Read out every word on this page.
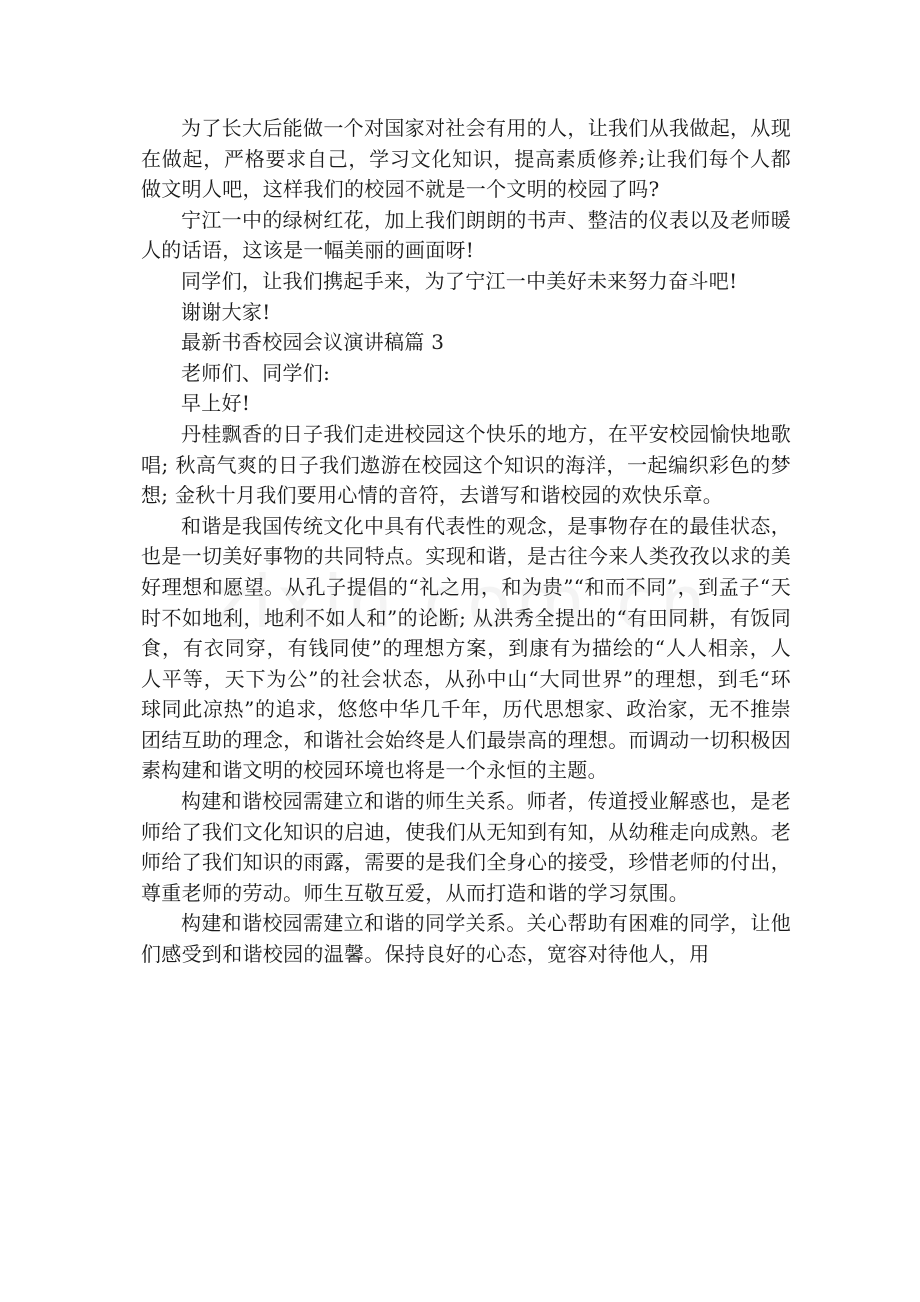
为了长大后能做一个对国家对社会有用的人，让我们从我做起，从现在做起，严格要求自己，学习文化知识，提高素质修养;让我们每个人都做文明人吧，这样我们的校园不就是一个文明的校园了吗?

宁江一中的绿树红花，加上我们朗朗的书声、整洁的仪表以及老师暖人的话语，这该是一幅美丽的画面呀!

同学们，让我们携起手来，为了宁江一中美好未来努力奋斗吧!

谢谢大家!

最新书香校园会议演讲稿篇 3

老师们、同学们:

早上好!

丹桂飘香的日子我们走进校园这个快乐的地方，在平安校园愉快地歌唱; 秋高气爽的日子我们遨游在校园这个知识的海洋，一起编织彩色的梦想; 金秋十月我们要用心情的音符，去谱写和谐校园的欢快乐章。

和谐是我国传统文化中具有代表性的观念，是事物存在的最佳状态，也是一切美好事物的共同特点。实现和谐，是古往今来人类孜孜以求的美好理想和愿望。从孔子提倡的“礼之用，和为贵”“和而不同”，到孟子“天时不如地利，地利不如人和”的论断; 从洪秀全提出的“有田同耕，有饭同食，有衣同穿，有钱同使”的理想方案，到康有为描绘的“人人相亲，人人平等，天下为公”的社会状态，从孙中山“大同世界”的理想，到毛“环球同此凉热”的追求，悠悠中华几千年，历代思想家、政治家，无不推崇团结互助的理念，和谐社会始终是人们最崇高的理想。而调动一切积极因素构建和谐文明的校园环境也将是一个永恒的主题。

构建和谐校园需建立和谐的师生关系。师者，传道授业解惑也，是老师给了我们文化知识的启迪，使我们从无知到有知，从幼稚走向成熟。老师给了我们知识的雨露，需要的是我们全身心的接受，珍惜老师的付出，尊重老师的劳动。师生互敬互爱，从而打造和谐的学习氛围。

构建和谐校园需建立和谐的同学关系。关心帮助有困难的同学，让他们感受到和谐校园的温馨。保持良好的心态，宽容对待他人，用
